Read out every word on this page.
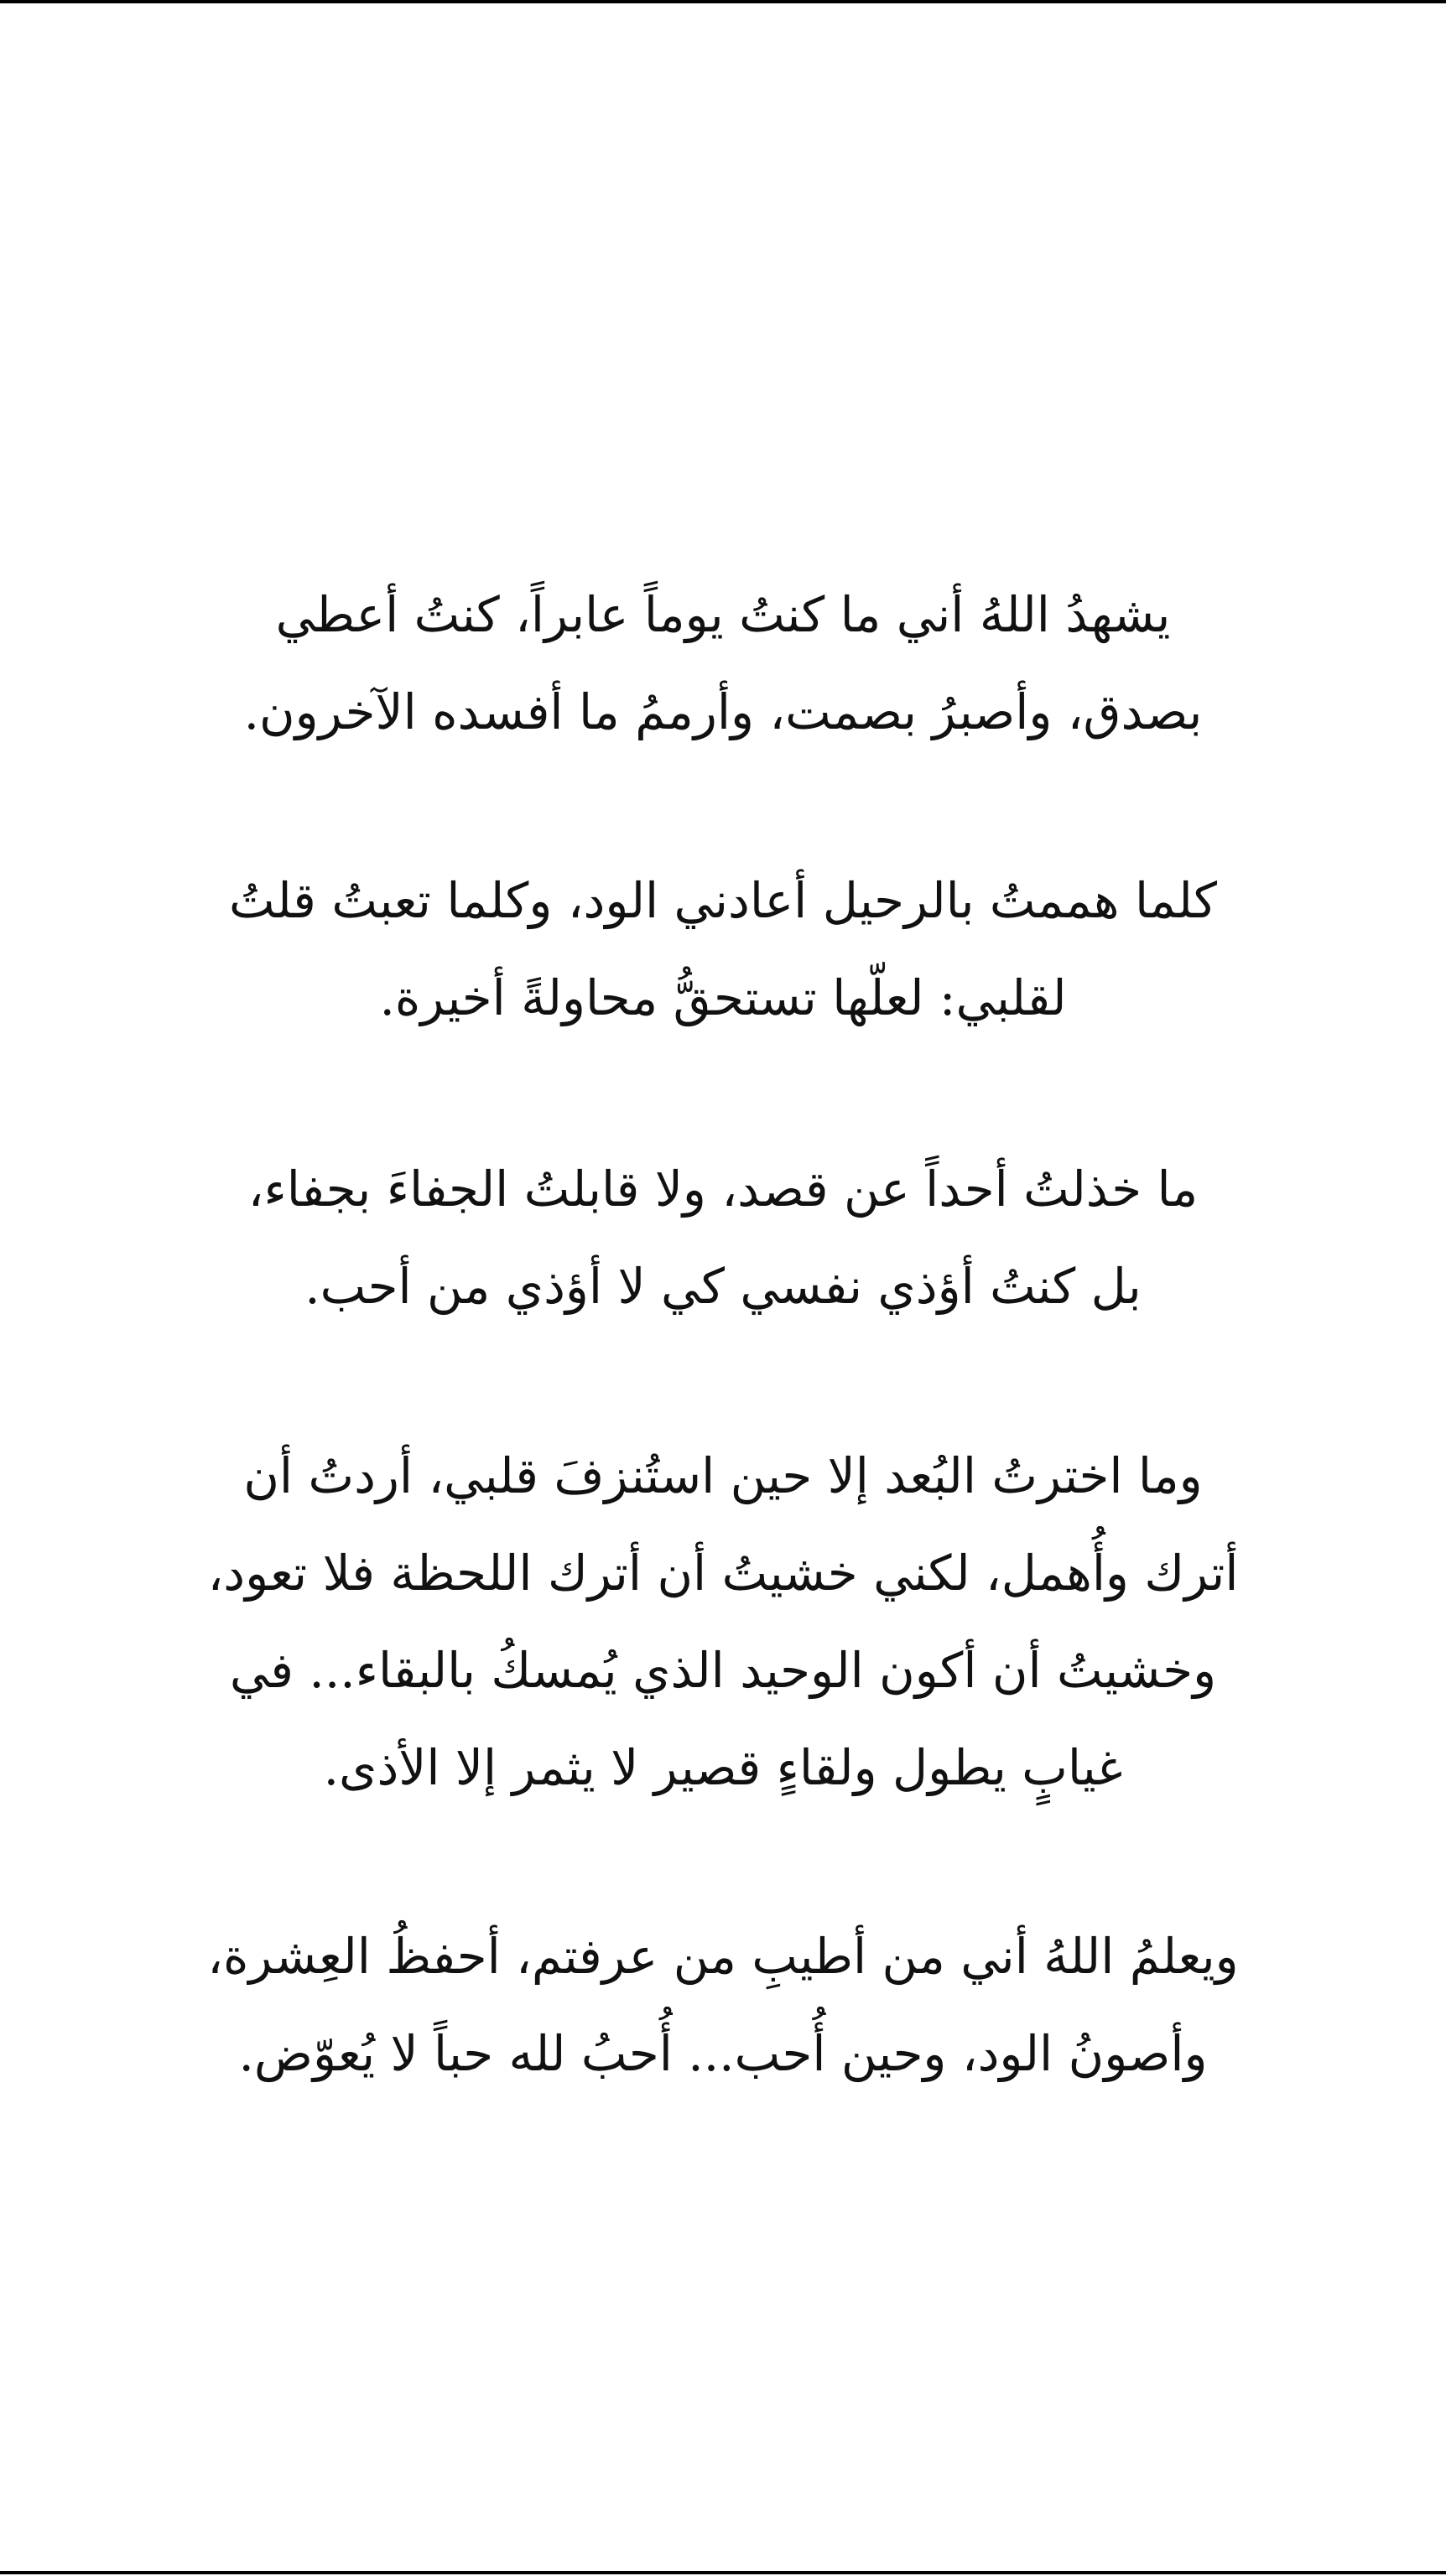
يشهدُ اللهُ أني ما كنتُ يوماً عابراً، كنتُ أعطي
بصدق، وأصبرُ بصمت، وأرممُ ما أفسده الآخرون.
كلما هممتُ بالرحيل أعادني الود، وكلما تعبتُ قلتُ
لقلبي: لعلّها تستحقُّ محاولةً أخيرة.
ما خذلتُ أحداً عن قصد، ولا قابلتُ الجفاءَ بجفاء،
بل كنتُ أؤذي نفسي كي لا أؤذي من أحب.
وما اخترتُ البُعد إلا حين استُنزفَ قلبي، أردتُ أن
أترك وأُهمل، لكني خشيتُ أن أترك اللحظة فلا تعود،
وخشيتُ أن أكون الوحيد الذي يُمسكُ بالبقاء... في
غيابٍ يطول ولقاءٍ قصير لا يثمر إلا الأذى.
ويعلمُ اللهُ أني من أطيبِ من عرفتم، أحفظُ العِشرة،
وأصونُ الود، وحين أُحب... أُحبُ لله حباً لا يُعوّض.
